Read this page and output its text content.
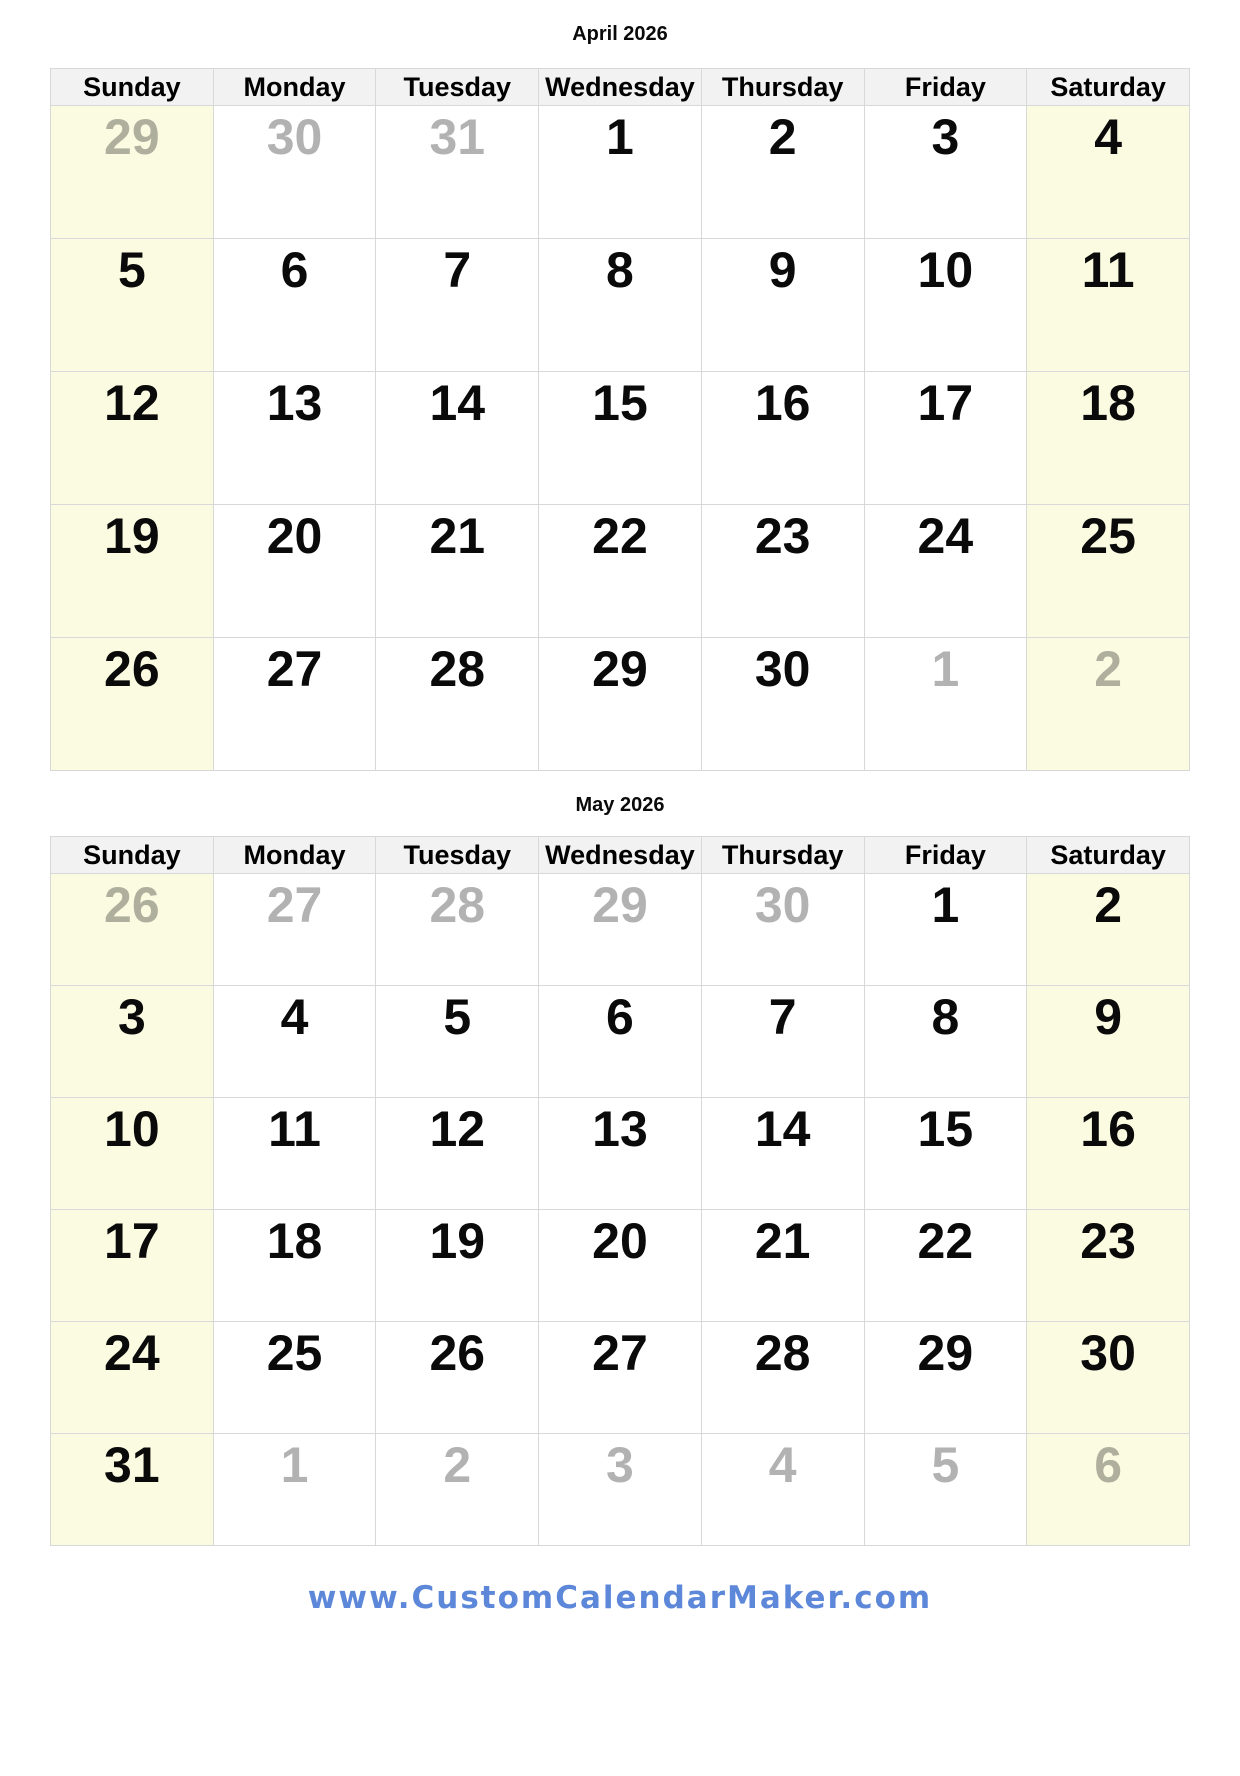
April 2026
Sunday	Monday	Tuesday	Wednesday	Thursday	Friday	Saturday
29	30	31	1	2	3	4
5	6	7	8	9	10	11
12	13	14	15	16	17	18
19	20	21	22	23	24	25
26	27	28	29	30	1	2
May 2026
Sunday	Monday	Tuesday	Wednesday	Thursday	Friday	Saturday
26	27	28	29	30	1	2
3	4	5	6	7	8	9
10	11	12	13	14	15	16
17	18	19	20	21	22	23
24	25	26	27	28	29	30
31	1	2	3	4	5	6
www.CustomCalendarMaker.com
